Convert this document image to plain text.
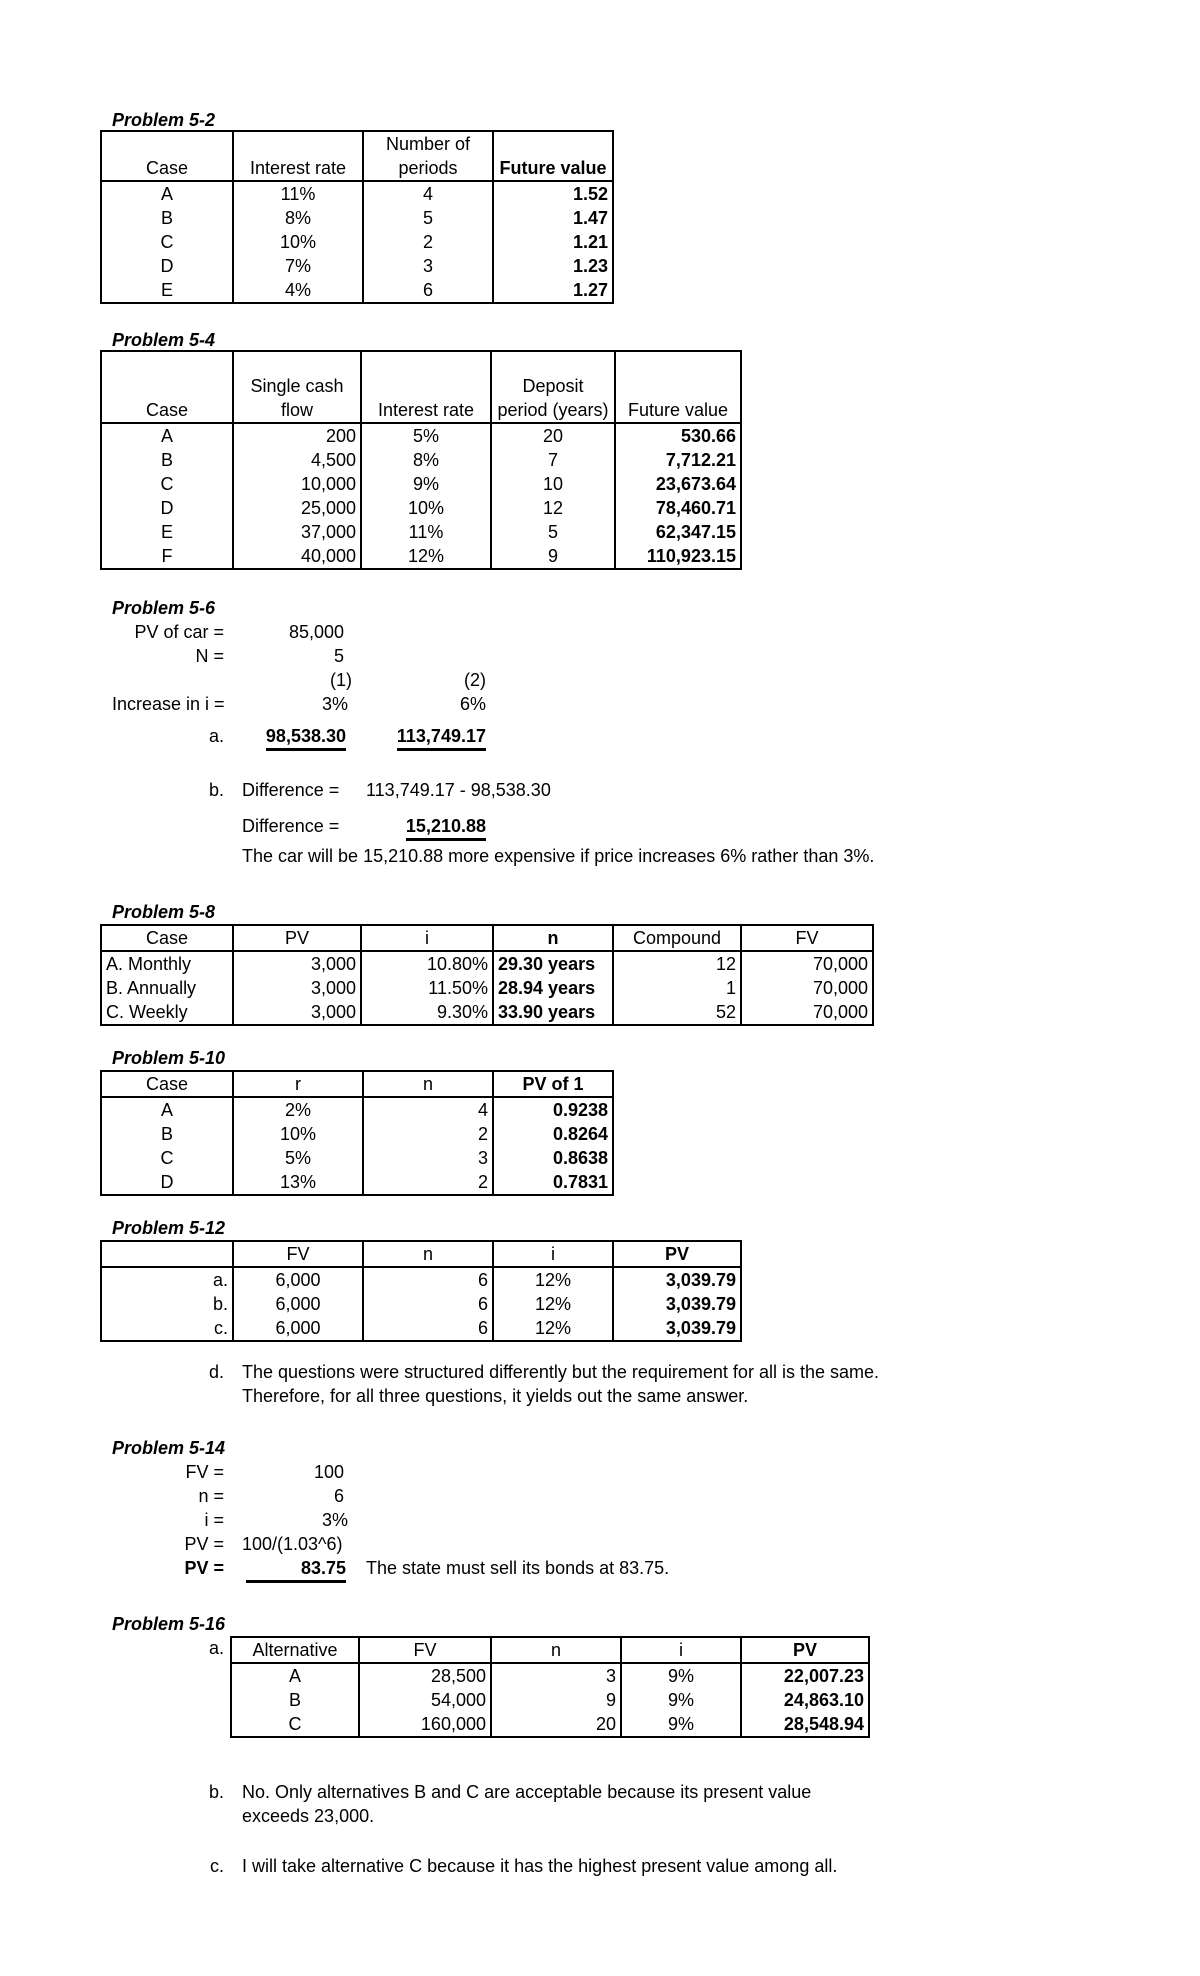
Problem 5-2
Case	Interest rate	Number of periods	Future value
A	11%	4	1.52
B	8%	5	1.47
C	10%	2	1.21
D	7%	3	1.23
E	4%	6	1.27
Problem 5-4
Case	Single cash flow	Interest rate	Deposit period (years)	Future value
A	200	5%	20	530.66
B	4,500	8%	7	7,712.21
C	10,000	9%	10	23,673.64
D	25,000	10%	12	78,460.71
E	37,000	11%	5	62,347.15
F	40,000	12%	9	110,923.15
Problem 5-6
PV of car =	85,000
N =	5
(1)	(2)
Increase in i =	3%	6%
a.	98,538.30	113,749.17
b. Difference = 113,749.17 - 98,538.30
Difference =	15,210.88
The car will be 15,210.88 more expensive if price increases 6% rather than 3%.
Problem 5-8
Case	PV	i	n	Compound	FV
A. Monthly	3,000	10.80%	29.30 years	12	70,000
B. Annually	3,000	11.50%	28.94 years	1	70,000
C. Weekly	3,000	9.30%	33.90 years	52	70,000
Problem 5-10
Case	r	n	PV of 1
A	2%	4	0.9238
B	10%	2	0.8264
C	5%	3	0.8638
D	13%	2	0.7831
Problem 5-12
	FV	n	i	PV
a.	6,000	6	12%	3,039.79
b.	6,000	6	12%	3,039.79
c.	6,000	6	12%	3,039.79
d. The questions were structured differently but the requirement for all is the same.
Therefore, for all three questions, it yields out the same answer.
Problem 5-14
FV =	100
n =	6
i =	3%
PV = 100/(1.03^6)
PV =	83.75 The state must sell its bonds at 83.75.
Problem 5-16
a. Alternative	FV	n	i	PV
A	28,500	3	9%	22,007.23
B	54,000	9	9%	24,863.10
C	160,000	20	9%	28,548.94
b. No. Only alternatives B and C are acceptable because its present value
exceeds 23,000.
c. I will take alternative C because it has the highest present value among all.
